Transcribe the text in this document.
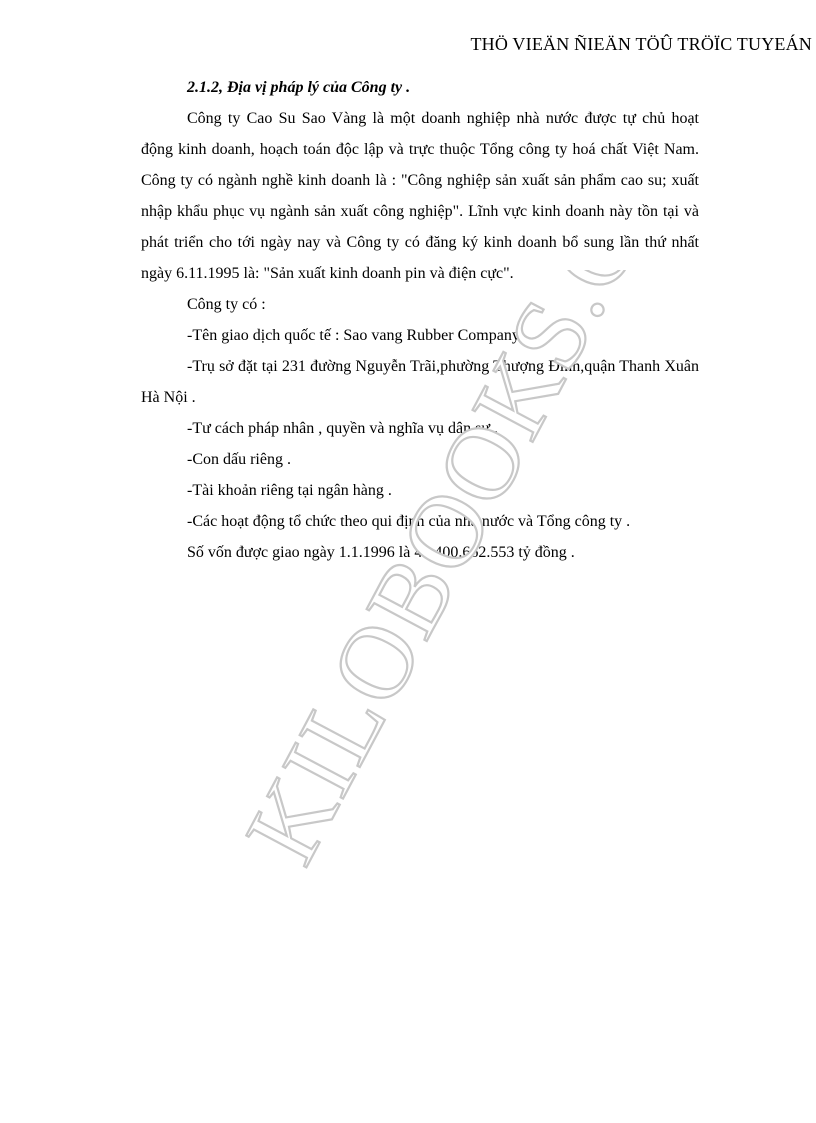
THÖ VIEÄN ÑIEÄN TÖÛ TRÖÏC TUYEÁN

2.1.2, Địa vị pháp lý của Công ty .

Công ty Cao Su Sao Vàng là một doanh nghiệp nhà nước được tự chủ hoạt động kinh doanh, hoạch toán độc lập và trực thuộc Tổng công ty hoá chất Việt Nam. Công ty có ngành nghề kinh doanh là : "Công nghiệp sản xuất sản phẩm cao su; xuất nhập khẩu phục vụ ngành sản xuất công nghiệp". Lĩnh vực kinh doanh này tồn tại và phát triển cho tới ngày nay và Công ty có đăng ký kinh doanh bổ sung lần thứ nhất ngày 6.11.1995 là: "Sản xuất kinh doanh pin và điện cực".

Công ty có :

-Tên giao dịch quốc tế : Sao vang Rubber Company .

-Trụ sở đặt tại 231 đường Nguyễn Trãi,phường Thượng Đình,quận Thanh Xuân Hà Nội .

-Tư cách pháp nhân , quyền và nghĩa vụ dân sự .

-Con dấu riêng .

-Tài khoản riêng tại ngân hàng .

-Các hoạt động tổ chức theo qui định của nhà nước và Tổng công ty .

Số vốn được giao ngày 1.1.1996 là 42.400.662.553 tỷ đồng .

KILOBOOKS.CO
